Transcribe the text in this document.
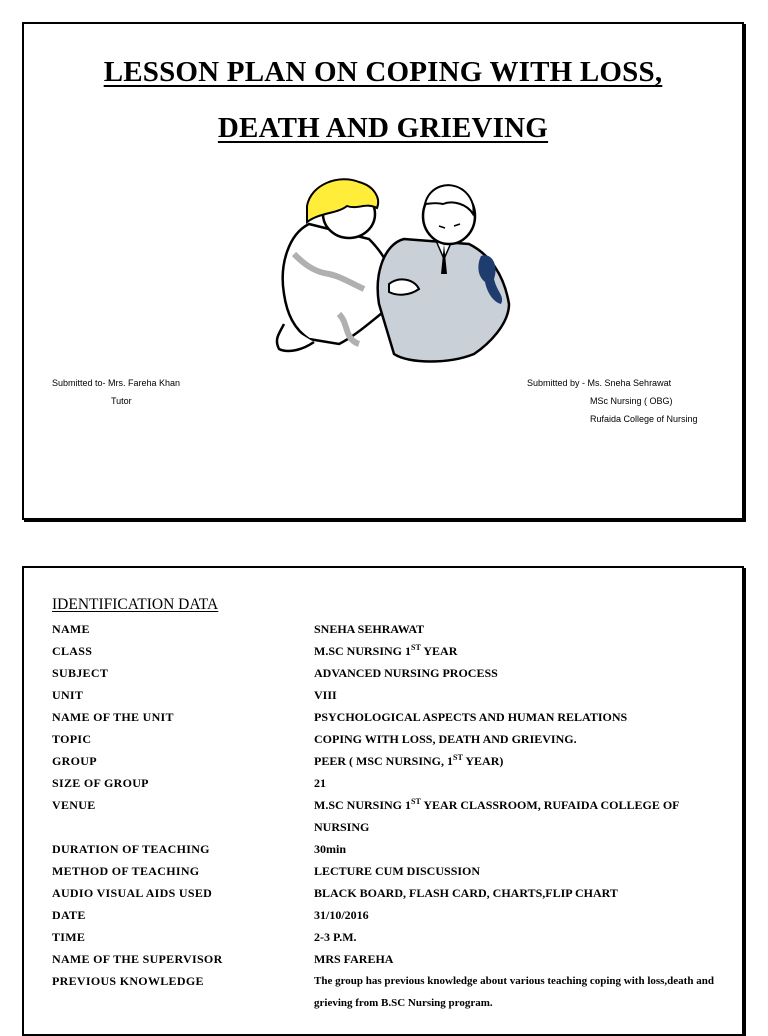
LESSON PLAN ON COPING WITH LOSS,
DEATH AND GRIEVING
Submitted to- Mrs. Fareha Khan
Tutor
Submitted by - Ms. Sneha Sehrawat
MSc Nursing ( OBG)
Rufaida College of Nursing
IDENTIFICATION DATA
NAME	SNEHA SEHRAWAT
CLASS	M.SC NURSING 1ST YEAR
SUBJECT	ADVANCED NURSING PROCESS
UNIT	VIII
NAME OF THE UNIT	PSYCHOLOGICAL ASPECTS AND HUMAN RELATIONS
TOPIC	COPING WITH LOSS, DEATH AND GRIEVING.
GROUP	PEER ( MSC NURSING, 1ST YEAR)
SIZE OF GROUP	21
VENUE	M.SC NURSING 1ST YEAR CLASSROOM, RUFAIDA COLLEGE OF NURSING
DURATION OF TEACHING	30min
METHOD OF TEACHING	LECTURE CUM DISCUSSION
AUDIO VISUAL AIDS USED	BLACK BOARD, FLASH CARD, CHARTS,FLIP CHART
DATE	31/10/2016
TIME	2-3 P.M.
NAME OF THE SUPERVISOR	MRS FAREHA
PREVIOUS KNOWLEDGE	The group has previous knowledge about various teaching coping with loss,death and grieving from B.SC Nursing program.
